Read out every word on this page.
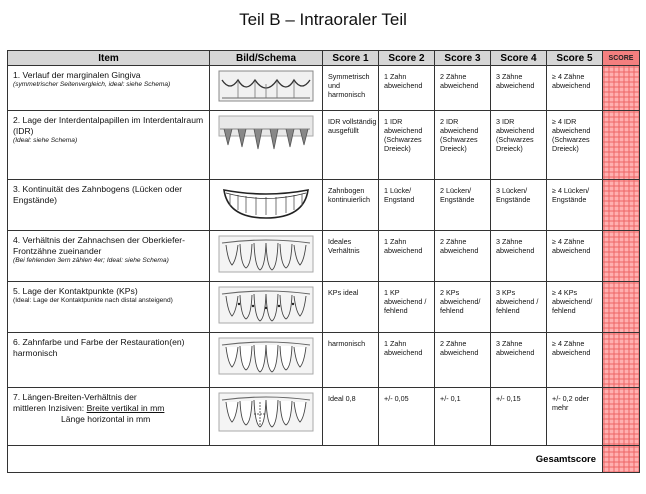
Teil B – Intraoraler Teil
Item	Bild/Schema	Score 1	Score 2	Score 3	Score 4	Score 5	SCORE

1. Verlauf der marginalen Gingiva
(symmetrischer Seitenvergleich, ideal: siehe Schema)		Symmetrisch und harmonisch	1 Zahn abweichend	2 Zähne abweichend	3 Zähne abweichend	≥ 4 Zähne abweichend	

2. Lage der Interdentalpapillen im Interdentalraum (IDR)
(Ideal: siehe Schema)		IDR vollständig ausgefüllt	1 IDR abweichend (Schwarzes Dreieck)	2 IDR abweichend (Schwarzes Dreieck)	3 IDR abweichend (Schwarzes Dreieck)	≥ 4 IDR abweichend (Schwarzes Dreieck)	

3. Kontinuität des Zahnbogens (Lücken oder Engstände)		Zahnbogen kontinuierlich	1 Lücke/ Engstand	2 Lücken/ Engstände	3 Lücken/ Engstände	≥ 4 Lücken/ Engstände	

4. Verhältnis der Zahnachsen der Oberkiefer-Frontzähne zueinander
(Bei fehlenden 3ern zählen 4er; Ideal: siehe Schema)		Ideales Verhältnis	1 Zahn abweichend	2 Zähne abweichend	3 Zähne abweichend	≥ 4 Zähne abweichend	

5. Lage der Kontaktpunkte (KPs)
(Ideal: Lage der Kontaktpunkte nach distal ansteigend)		KPs ideal	1 KP abweichend / fehlend	2 KPs abweichend/ fehlend	3 KPs abweichend / fehlend	≥ 4 KPs abweichend/ fehlend	

6. Zahnfarbe und Farbe der Restauration(en) harmonisch		harmonisch	1 Zahn abweichend	2 Zähne abweichend	3 Zähne abweichend	≥ 4 Zähne abweichend	

7. Längen-Breiten-Verhältnis der
mittleren Inzisiven: Breite vertikal in mm
Länge horizontal in mm		Ideal 0,8	+/- 0,05	+/- 0,1	+/- 0,15	+/- 0,2 oder mehr	

Gesamtscore							
